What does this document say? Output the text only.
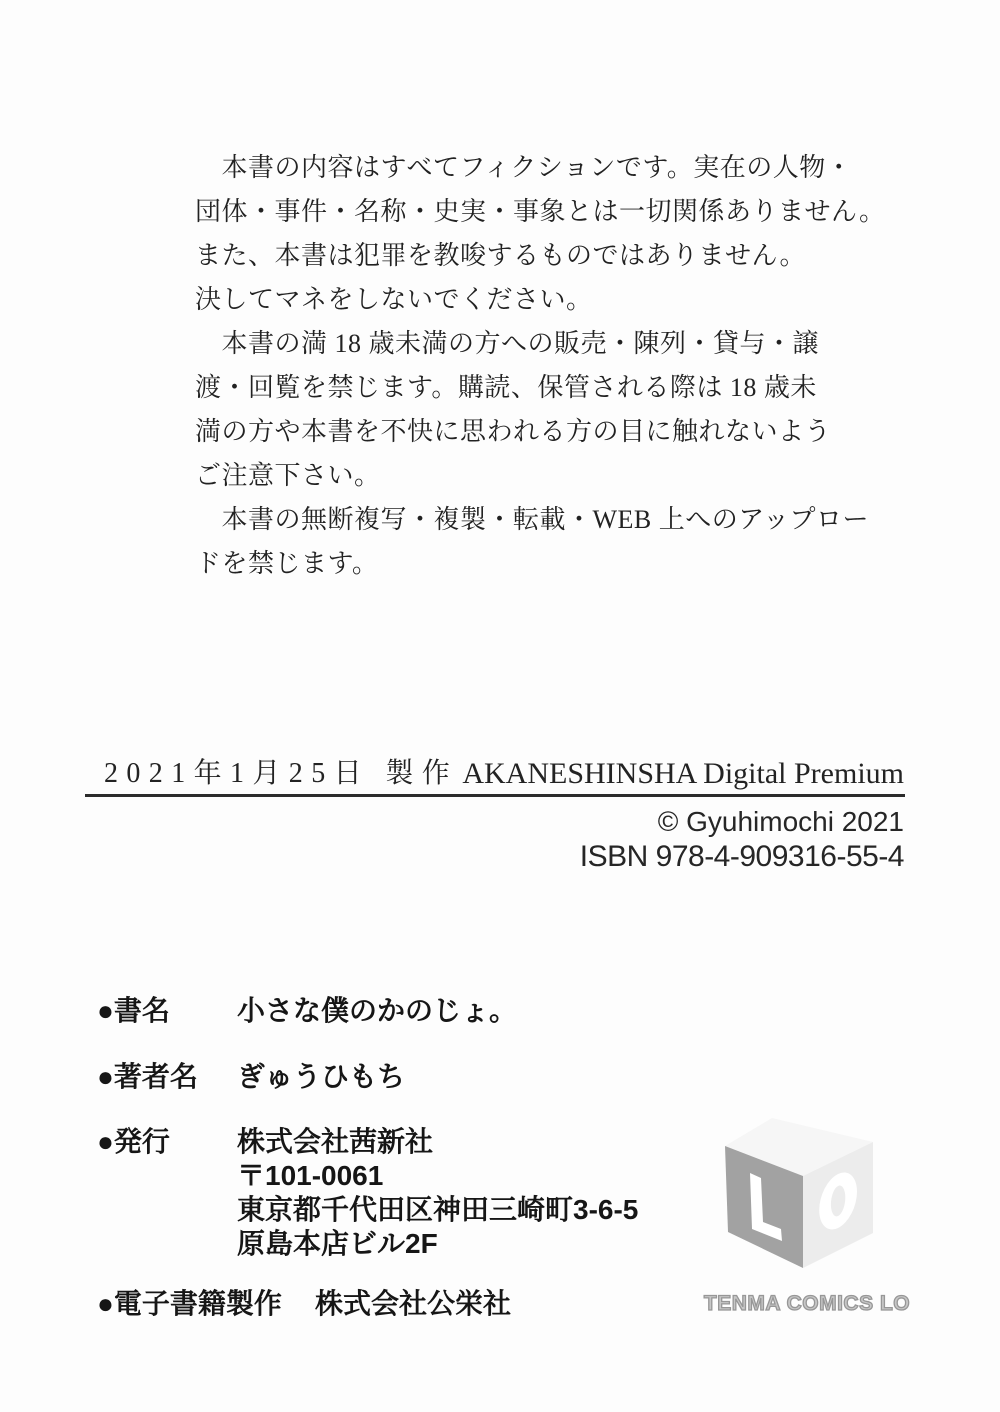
　本書の内容はすべてフィクションです。実在の人物・
団体・事件・名称・史実・事象とは一切関係ありません。
また、本書は犯罪を教唆するものではありません。
決してマネをしないでください。
　本書の満 18 歳未満の方への販売・陳列・貸与・譲
渡・回覧を禁じます。購読、保管される際は 18 歳未
満の方や本書を不快に思われる方の目に触れないよう
ご注意下さい。
　本書の無断複写・複製・転載・WEB 上へのアップロー
ドを禁じます。
2021年1月25日 製作 AKANESHINSHA Digital Premium
© Gyuhimochi 2021
ISBN 978-4-909316-55-4
●書名 小さな僕のかのじょ。
●著者名 ぎゅうひもち
●発行 株式会社茜新社
〒101-0061
東京都千代田区神田三崎町3-6-5
原島本店ビル2F
●電子書籍製作 株式会社公栄社	TENMA COMICS LO
